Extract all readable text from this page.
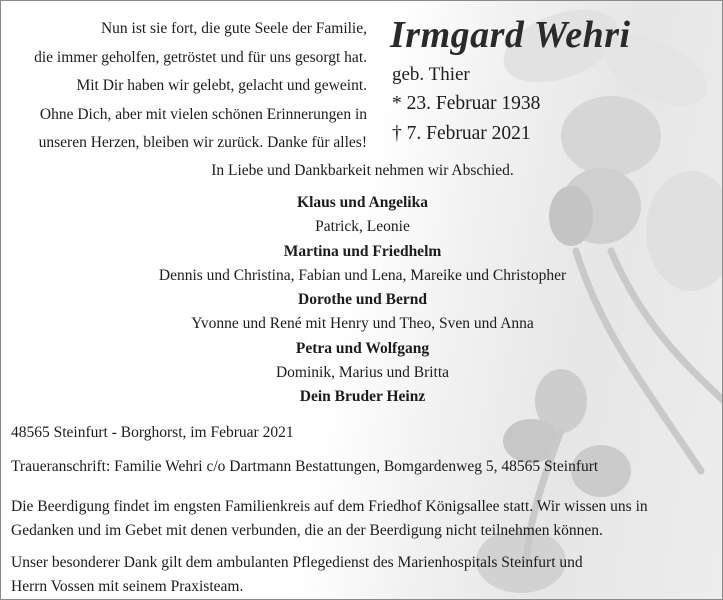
Nun ist sie fort, die gute Seele der Familie,
die immer geholfen, getröstet und für uns gesorgt hat.
Mit Dir haben wir gelebt, gelacht und geweint.
Ohne Dich, aber mit vielen schönen Erinnerungen in
unseren Herzen, bleiben wir zurück. Danke für alles!
Irmgard Wehri
geb. Thier
* 23. Februar 1938
† 7. Februar 2021
In Liebe und Dankbarkeit nehmen wir Abschied.
Klaus und Angelika
Patrick, Leonie
Martina und Friedhelm
Dennis und Christina, Fabian und Lena, Mareike und Christopher
Dorothe und Bernd
Yvonne und René mit Henry und Theo, Sven und Anna
Petra und Wolfgang
Dominik, Marius und Britta
Dein Bruder Heinz
48565 Steinfurt - Borghorst, im Februar 2021
Traueranschrift: Familie Wehri c/o Dartmann Bestattungen, Bomgardenweg 5, 48565 Steinfurt
Die Beerdigung findet im engsten Familienkreis auf dem Friedhof Königsallee statt. Wir wissen uns in
Gedanken und im Gebet mit denen verbunden, die an der Beerdigung nicht teilnehmen können.
Unser besonderer Dank gilt dem ambulanten Pflegedienst des Marienhospitals Steinfurt und
Herrn Vossen mit seinem Praxisteam.
